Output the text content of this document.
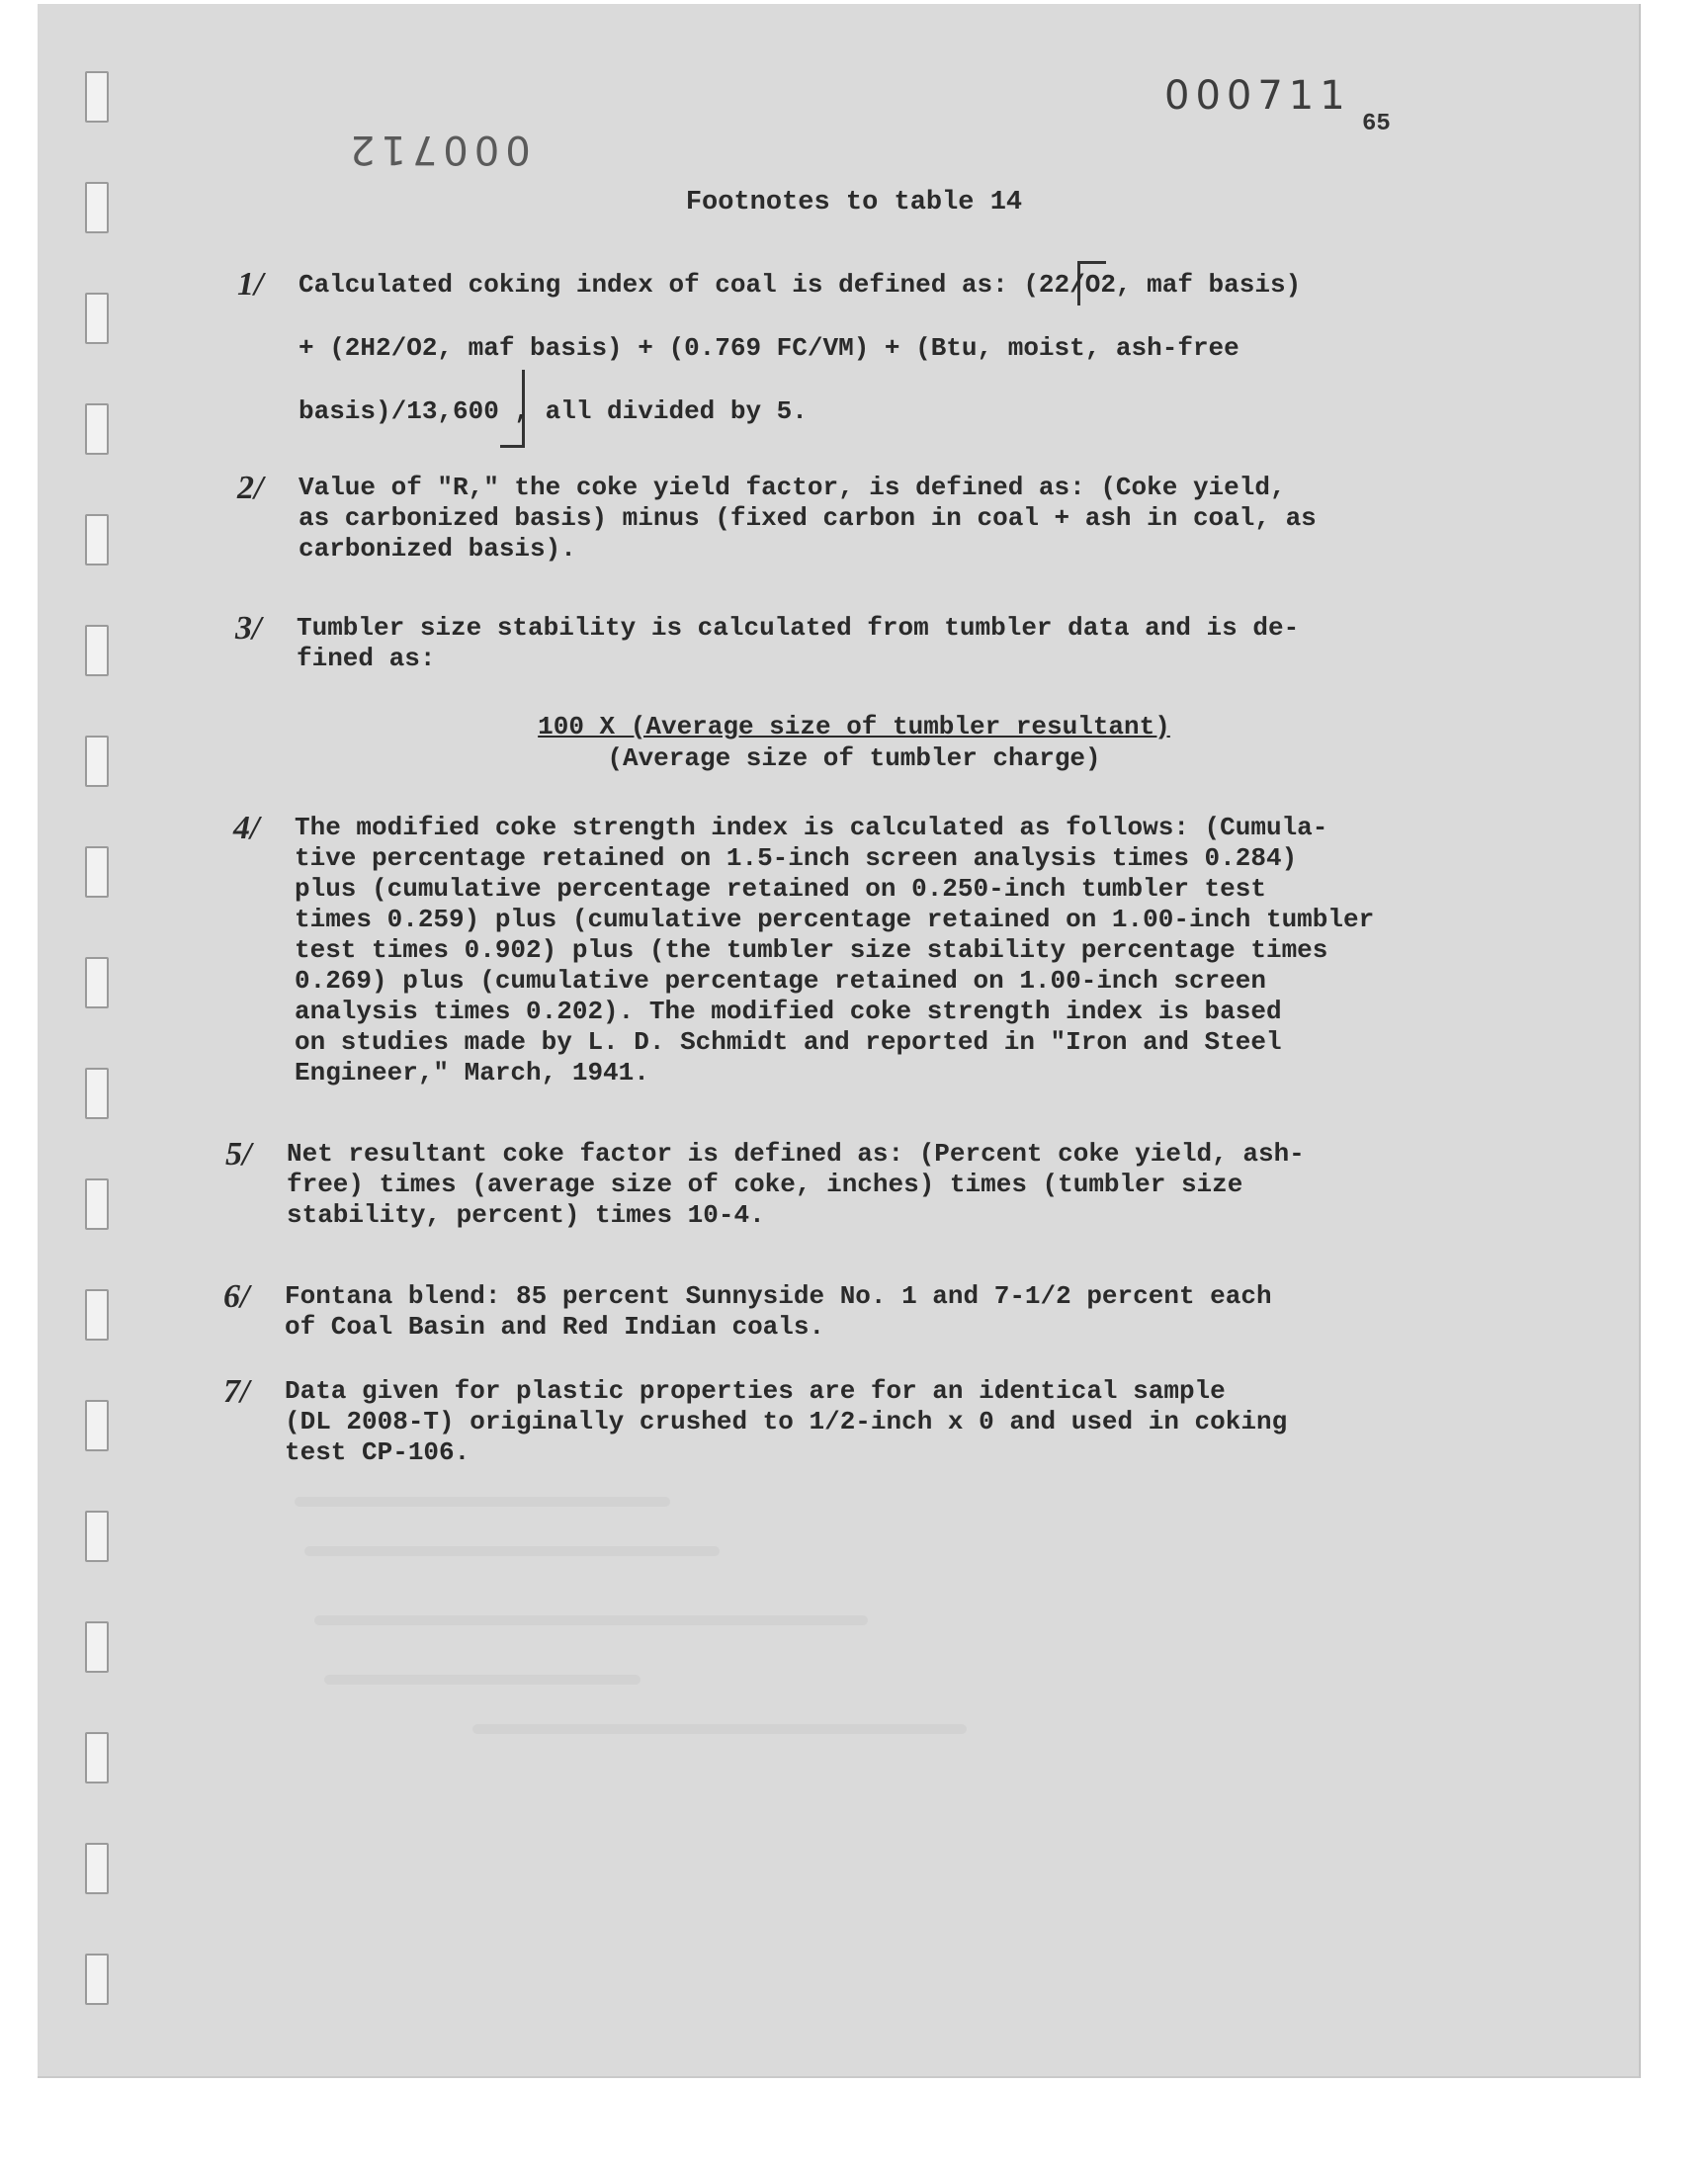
000711
000712
65
Footnotes to table 14
1/ Calculated coking index of coal is defined as: (22/O2, maf basis)
+ (2H2/O2, maf basis) + (0.769 FC/VM) + (Btu, moist, ash-free
basis)/13,600 , all divided by 5.
2/ Value of "R," the coke yield factor, is defined as: (Coke yield,
as carbonized basis) minus (fixed carbon in coal + ash in coal, as
carbonized basis).
3/ Tumbler size stability is calculated from tumbler data and is de-
fined as:
100 X (Average size of tumbler resultant)
(Average size of tumbler charge)
4/ The modified coke strength index is calculated as follows: (Cumula-
tive percentage retained on 1.5-inch screen analysis times 0.284)
plus (cumulative percentage retained on 0.250-inch tumbler test
times 0.259) plus (cumulative percentage retained on 1.00-inch tumbler
test times 0.902) plus (the tumbler size stability percentage times
0.269) plus (cumulative percentage retained on 1.00-inch screen
analysis times 0.202). The modified coke strength index is based
on studies made by L. D. Schmidt and reported in "Iron and Steel
Engineer," March, 1941.
5/ Net resultant coke factor is defined as: (Percent coke yield, ash-
free) times (average size of coke, inches) times (tumbler size
stability, percent) times 10-4.
6/ Fontana blend: 85 percent Sunnyside No. 1 and 7-1/2 percent each
of Coal Basin and Red Indian coals.
7/ Data given for plastic properties are for an identical sample
(DL 2008-T) originally crushed to 1/2-inch x 0 and used in coking
test CP-106.
